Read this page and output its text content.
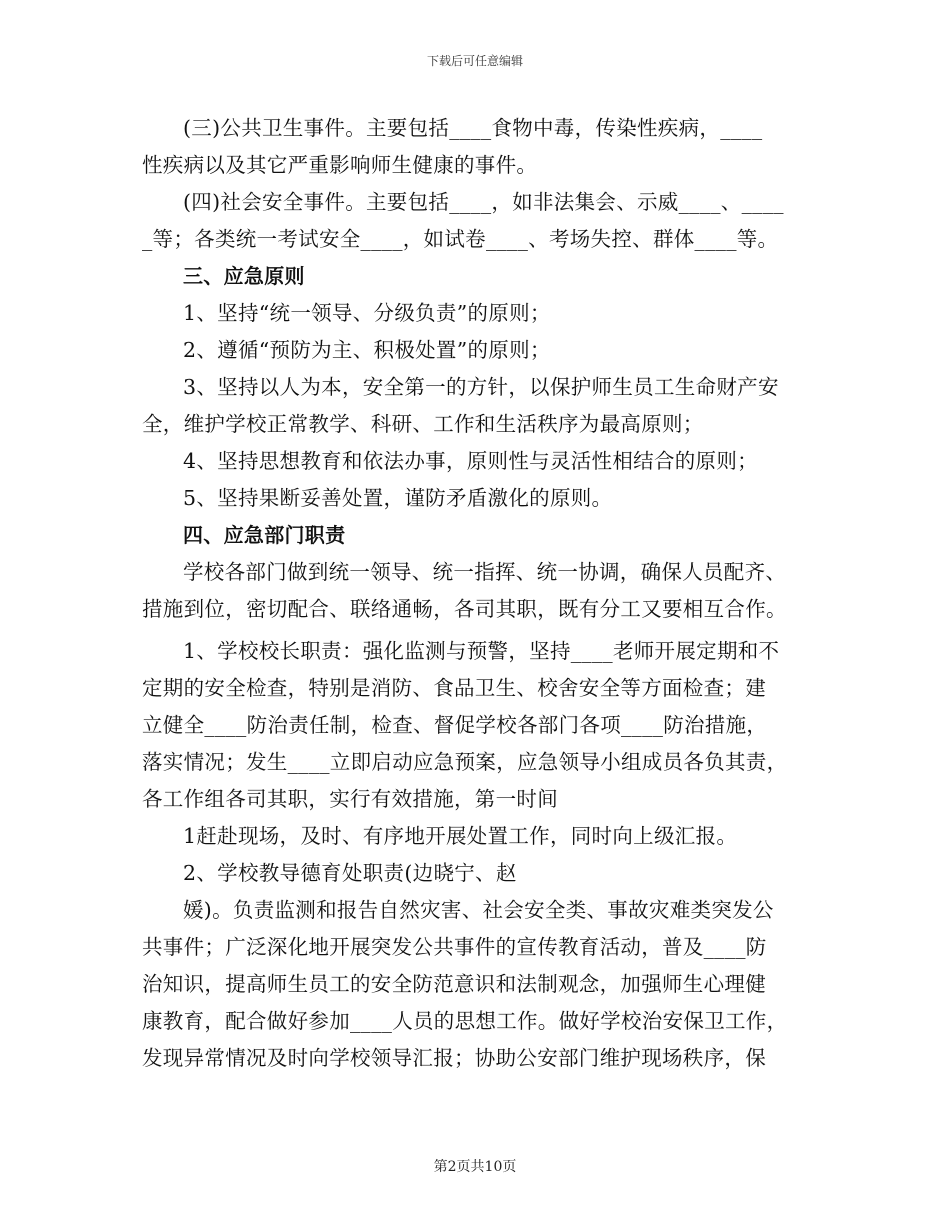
下载后可任意编辑
(三)公共卫生事件。主要包括____食物中毒，传染性疾病，____
性疾病以及其它严重影响师生健康的事件。
(四)社会安全事件。主要包括____，如非法集会、示威____、____
_等；各类统一考试安全____，如试卷____、考场失控、群体____等。
三、应急原则
1、坚持“统一领导、分级负责”的原则；
2、遵循“预防为主、积极处置”的原则；
3、坚持以人为本，安全第一的方针，以保护师生员工生命财产安
全，维护学校正常教学、科研、工作和生活秩序为最高原则；
4、坚持思想教育和依法办事，原则性与灵活性相结合的原则；
5、坚持果断妥善处置，谨防矛盾激化的原则。
四、应急部门职责
学校各部门做到统一领导、统一指挥、统一协调，确保人员配齐、
措施到位，密切配合、联络通畅，各司其职，既有分工又要相互合作。
1、学校校长职责：强化监测与预警，坚持____老师开展定期和不
定期的安全检查，特别是消防、食品卫生、校舍安全等方面检查；建
立健全____防治责任制，检查、督促学校各部门各项____防治措施，
落实情况；发生____立即启动应急预案，应急领导小组成员各负其责，
各工作组各司其职，实行有效措施，第一时间
1赶赴现场，及时、有序地开展处置工作，同时向上级汇报。
2、学校教导德育处职责(边晓宁、赵
媛)。负责监测和报告自然灾害、社会安全类、事故灾难类突发公
共事件；广泛深化地开展突发公共事件的宣传教育活动，普及____防
治知识，提高师生员工的安全防范意识和法制观念，加强师生心理健
康教育，配合做好参加____人员的思想工作。做好学校治安保卫工作，
发现异常情况及时向学校领导汇报；协助公安部门维护现场秩序，保
第2页共10页
